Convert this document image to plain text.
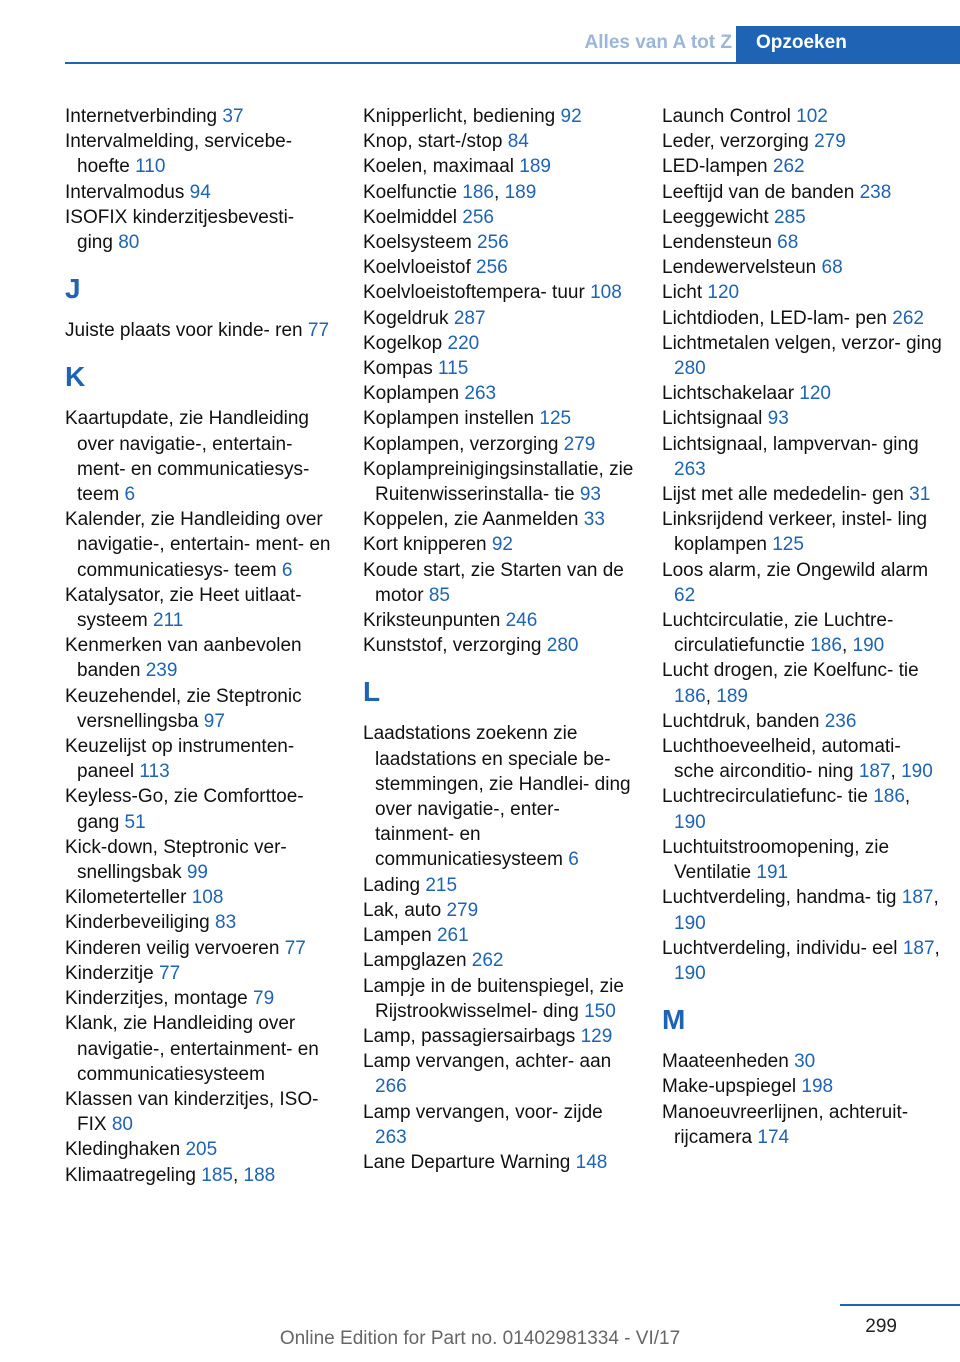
Alles van A tot Z	Opzoeken
Internetverbinding 37
Intervalmelding, servicebe‐ hoefte 110
Intervalmodus 94
ISOFIX kinderzitjesbevesti‐ ging 80
J
Juiste plaats voor kinde‐ ren 77
K
Kaartupdate, zie Handleiding over navigatie-, entertain‐ ment- en communicatiesys‐ teem 6
Kalender, zie Handleiding over navigatie-, entertain‐ ment- en communicatiesys‐ teem 6
Katalysator, zie Heet uitlaat‐ systeem 211
Kenmerken van aanbevolen banden 239
Keuzehendel, zie Steptronic versnellingsba 97
Keuzelijst op instrumenten‐ paneel 113
Keyless-Go, zie Comforttoe‐ gang 51
Kick-down, Steptronic ver‐ snellingsbak 99
Kilometerteller 108
Kinderbeveiliging 83
Kinderen veilig vervoeren 77
Kinderzitje 77
Kinderzitjes, montage 79
Klank, zie Handleiding over navigatie-, entertainment- en communicatiesysteem
Klassen van kinderzitjes, ISO‐ FIX 80
Kledinghaken 205
Klimaatregeling 185, 188
Knipperlicht, bediening 92
Knop, start-/stop 84
Koelen, maximaal 189
Koelfunctie 186, 189
Koelmiddel 256
Koelsysteem 256
Koelvloeistof 256
Koelvloeistoftempera‐ tuur 108
Kogeldruk 287
Kogelkop 220
Kompas 115
Koplampen 263
Koplampen instellen 125
Koplampen, verzorging 279
Koplampreinigingsinstallatie, zie Ruitenwisserinstalla‐ tie 93
Koppelen, zie Aanmelden 33
Kort knipperen 92
Koude start, zie Starten van de motor 85
Kriksteunpunten 246
Kunststof, verzorging 280
L
Laadstations zoekenn zie laadstations en speciale be‐ stemmingen, zie Handlei‐ ding over navigatie-, enter‐ tainment- en communicatiesysteem 6
Lading 215
Lak, auto 279
Lampen 261
Lampglazen 262
Lampje in de buitenspiegel, zie Rijstrookwisselmel‐ ding 150
Lamp, passagiersairbags 129
Lamp vervangen, achter‐ aan 266
Lamp vervangen, voor‐ zijde 263
Lane Departure Warning 148
Launch Control 102
Leder, verzorging 279
LED-lampen 262
Leeftijd van de banden 238
Leeggewicht 285
Lendensteun 68
Lendewervelsteun 68
Licht 120
Lichtdioden, LED-lam‐ pen 262
Lichtmetalen velgen, verzor‐ ging 280
Lichtschakelaar 120
Lichtsignaal 93
Lichtsignaal, lampvervan‐ ging 263
Lijst met alle mededelin‐ gen 31
Linksrijdend verkeer, instel‐ ling koplampen 125
Loos alarm, zie Ongewild alarm 62
Luchtcirculatie, zie Luchtre‐ circulatiefunctie 186, 190
Lucht drogen, zie Koelfunc‐ tie 186, 189
Luchtdruk, banden 236
Luchthoeveelheid, automati‐ sche airconditio‐ ning 187, 190
Luchtrecirculatiefunc‐ tie 186, 190
Luchtuitstroomopening, zie Ventilatie 191
Luchtverdeling, handma‐ tig 187, 190
Luchtverdeling, individu‐ eel 187, 190
M
Maateenheden 30
Make-upspiegel 198
Manoeuvreerlijnen, achteruit‐ rijcamera 174
299
Online Edition for Part no. 01402981334 - VI/17
